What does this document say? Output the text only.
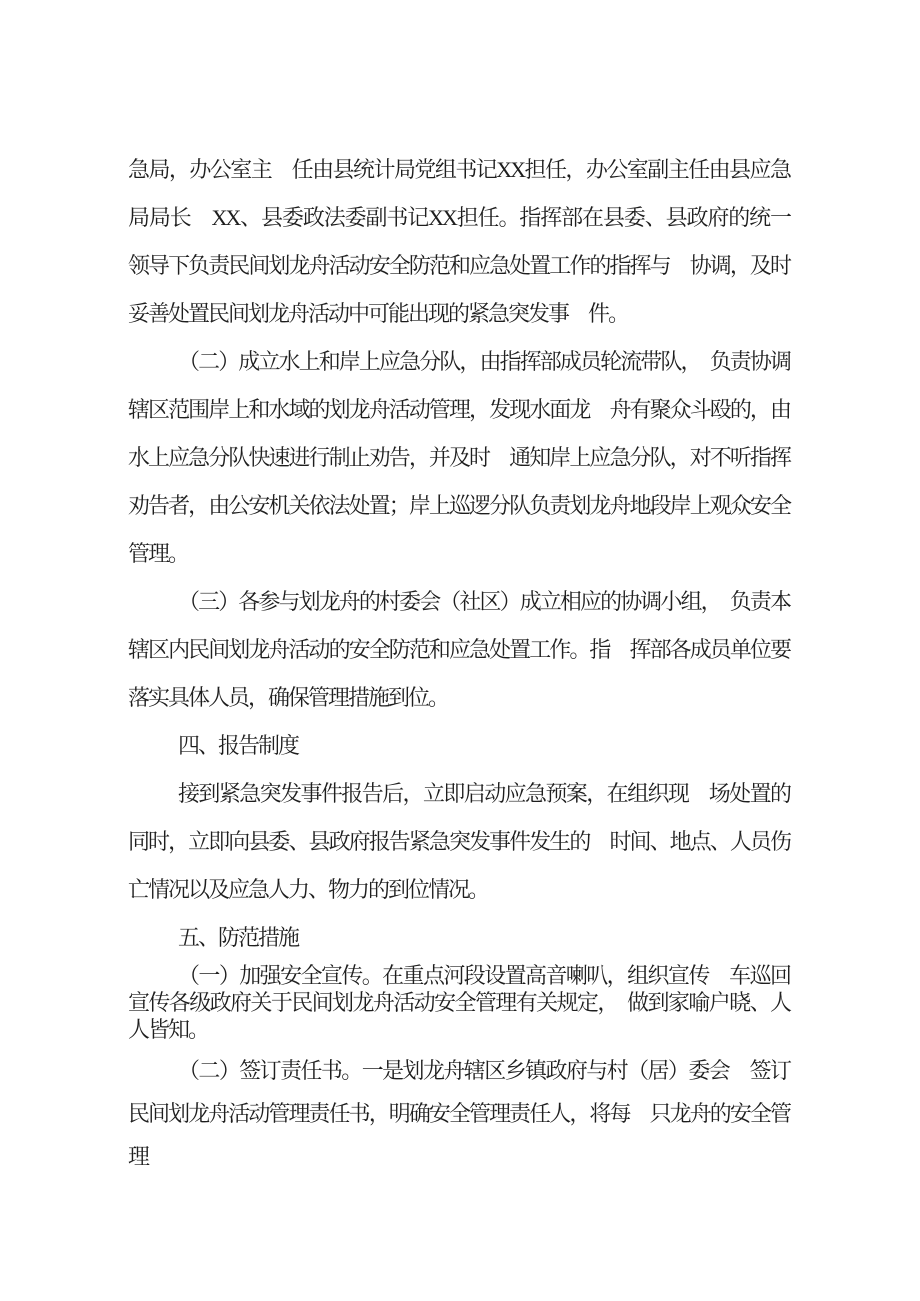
急局，办公室主　任由县统计局党组书记XX担任，办公室副主任由县应急局局长　XX、县委政法委副书记XX担任。指挥部在县委、县政府的统一　领导下负责民间划龙舟活动安全防范和应急处置工作的指挥与　协调，及时妥善处置民间划龙舟活动中可能出现的紧急突发事　件。

（二）成立水上和岸上应急分队，由指挥部成员轮流带队，　负责协调辖区范围岸上和水域的划龙舟活动管理，发现水面龙　舟有聚众斗殴的，由水上应急分队快速进行制止劝告，并及时　通知岸上应急分队，对不听指挥劝告者，由公安机关依法处置；岸上巡逻分队负责划龙舟地段岸上观众安全管理。

（三）各参与划龙舟的村委会（社区）成立相应的协调小组，　负责本辖区内民间划龙舟活动的安全防范和应急处置工作。指　挥部各成员单位要落实具体人员，确保管理措施到位。

四、报告制度

接到紧急突发事件报告后，立即启动应急预案，在组织现　场处置的同时，立即向县委、县政府报告紧急突发事件发生的　时间、地点、人员伤亡情况以及应急人力、物力的到位情况。

五、防范措施

（一）加强安全宣传。在重点河段设置高音喇叭，组织宣传　车巡回宣传各级政府关于民间划龙舟活动安全管理有关规定，　做到家喻户晓、人人皆知。

（二）签订责任书。一是划龙舟辖区乡镇政府与村（居）委会　签订民间划龙舟活动管理责任书，明确安全管理责任人，将每　只龙舟的安全管理
